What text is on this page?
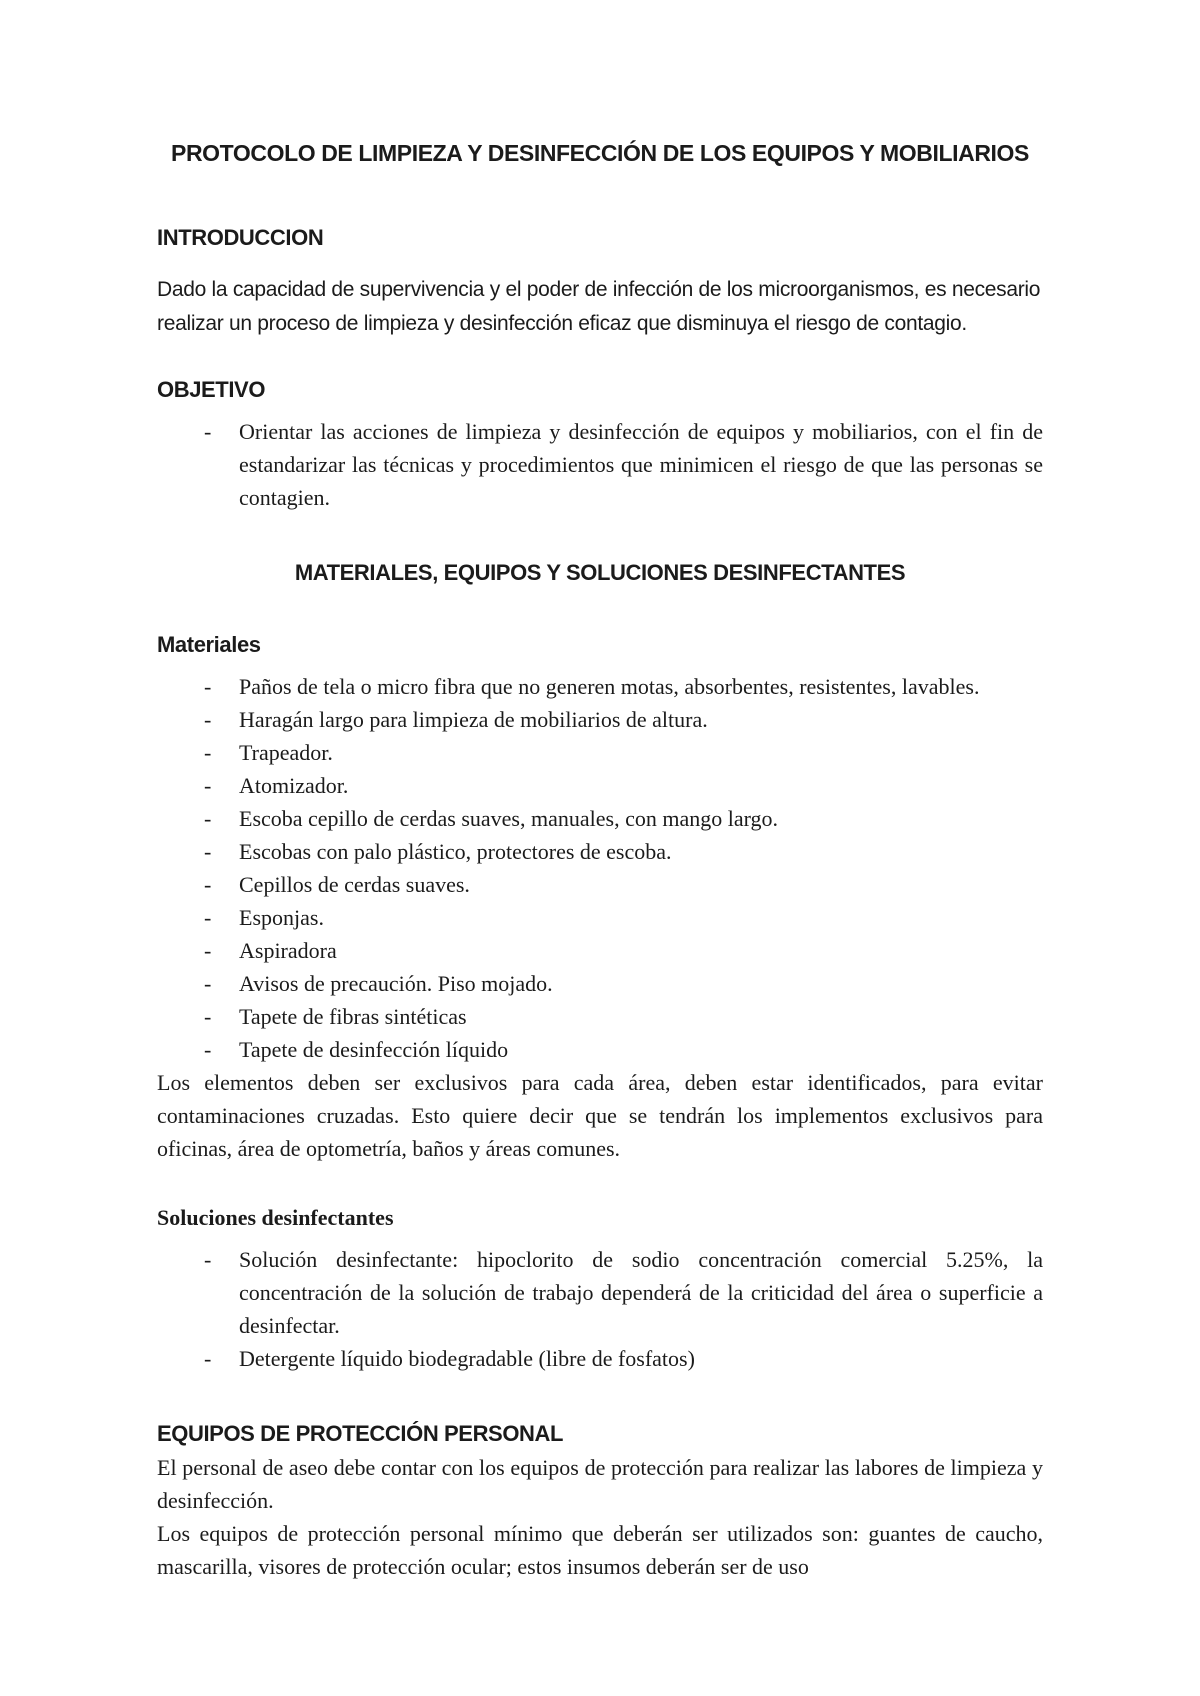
PROTOCOLO DE LIMPIEZA Y DESINFECCIÓN DE LOS EQUIPOS Y MOBILIARIOS
INTRODUCCION

Dado la capacidad de supervivencia y el poder de infección de los microorganismos, es necesario realizar un proceso de limpieza y desinfección eficaz que disminuya el riesgo de contagio.

OBJETIVO
-	Orientar las acciones de limpieza y desinfección de equipos y mobiliarios, con el fin de estandarizar las técnicas y procedimientos que minimicen el riesgo de que las personas se contagien.
MATERIALES, EQUIPOS Y SOLUCIONES DESINFECTANTES
Materiales
-	Paños de tela o micro fibra que no generen motas, absorbentes, resistentes, lavables.
-	Haragán largo para limpieza de mobiliarios de altura.
-	Trapeador.
-	Atomizador.
-	Escoba cepillo de cerdas suaves, manuales, con mango largo.
-	Escobas con palo plástico, protectores de escoba.
-	Cepillos de cerdas suaves.
-	Esponjas.
-	Aspiradora
-	Avisos de precaución. Piso mojado.
-	Tapete de fibras sintéticas
-	Tapete de desinfección líquido

Los elementos deben ser exclusivos para cada área, deben estar identificados, para evitar contaminaciones cruzadas. Esto quiere decir que se tendrán los implementos exclusivos para oficinas, área de optometría, baños y áreas comunes.

Soluciones desinfectantes
-	Solución desinfectante: hipoclorito de sodio concentración comercial 5.25%, la concentración de la solución de trabajo dependerá de la criticidad del área o superficie a desinfectar.
-	Detergente líquido biodegradable (libre de fosfatos)
EQUIPOS DE PROTECCIÓN PERSONAL

El personal de aseo debe contar con los equipos de protección para realizar las labores de limpieza y desinfección.

Los equipos de protección personal mínimo que deberán ser utilizados son: guantes de caucho, mascarilla, visores de protección ocular; estos insumos deberán ser de uso
